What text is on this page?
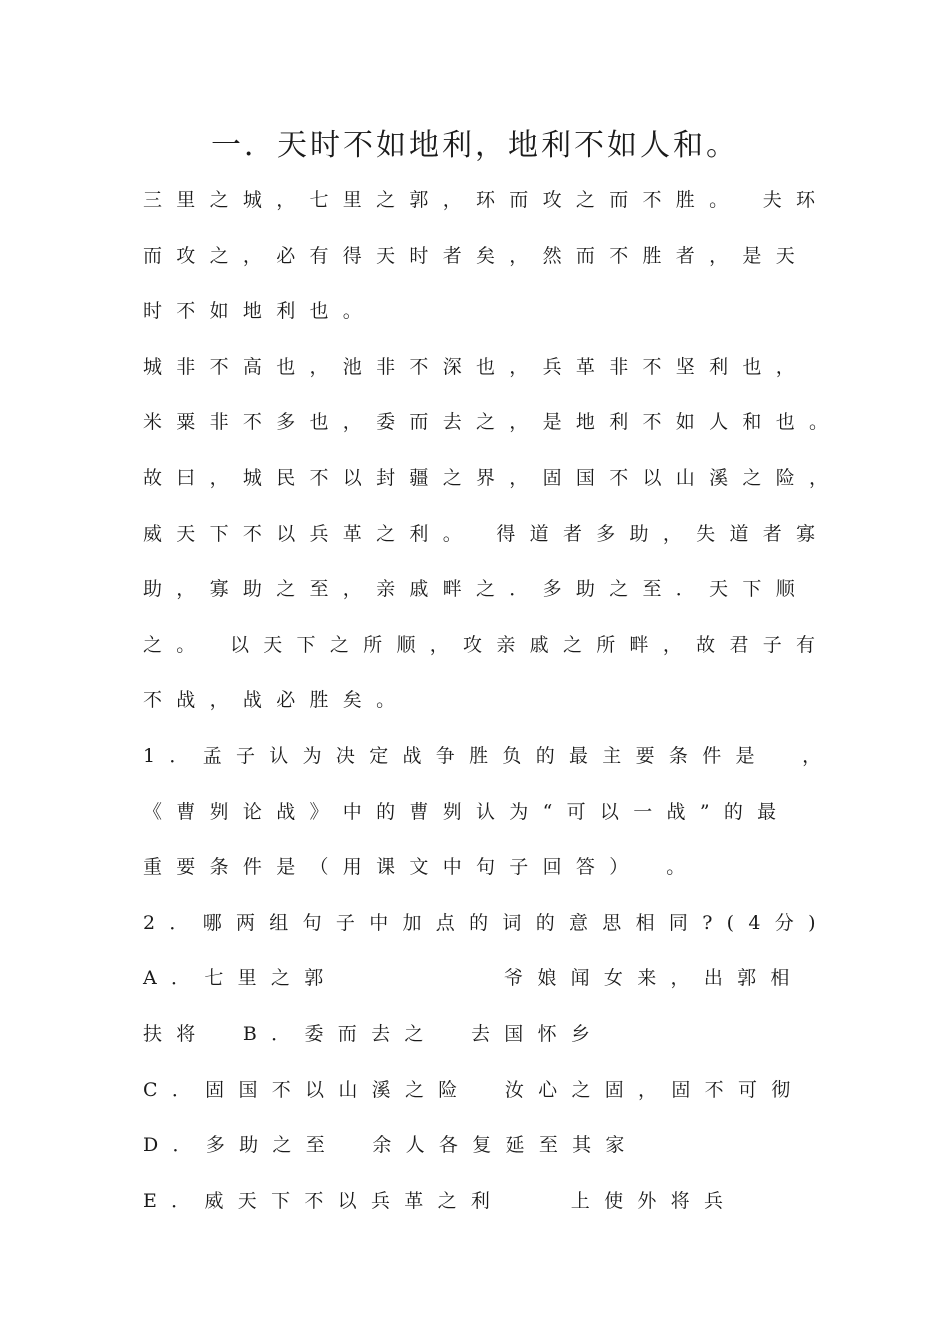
一．天时不如地利，地利不如人和。
三里之城，七里之郭，环而攻之而不胜。 夫环
而攻之，必有得天时者矣，然而不胜者，是天
时不如地利也。
城非不高也，池非不深也，兵革非不坚利也，
米粟非不多也，委而去之，是地利不如人和也。
故曰，城民不以封疆之界，固国不以山溪之险，
威天下不以兵革之利。 得道者多助，失道者寡
助，寡助之至，亲戚畔之．多助之至．天下顺
之。 以天下之所顺，攻亲戚之所畔，故君子有
不战，战必胜矣。
1．孟子认为决定战争胜负的最主要条件是　，
《曹刿论战》中的曹刿认为“可以一战”的最
重要条件是（用课文中句子回答）　。
2．哪两组句子中加点的词的意思相同?(4分)
A．七里之郭　　　　　爷娘闻女来，出郭相
扶将　B．委而去之　去国怀乡
C．固国不以山溪之险　汝心之固，固不可彻
D．多助之至　余人各复延至其家
E．威天下不以兵革之利　　上使外将兵
